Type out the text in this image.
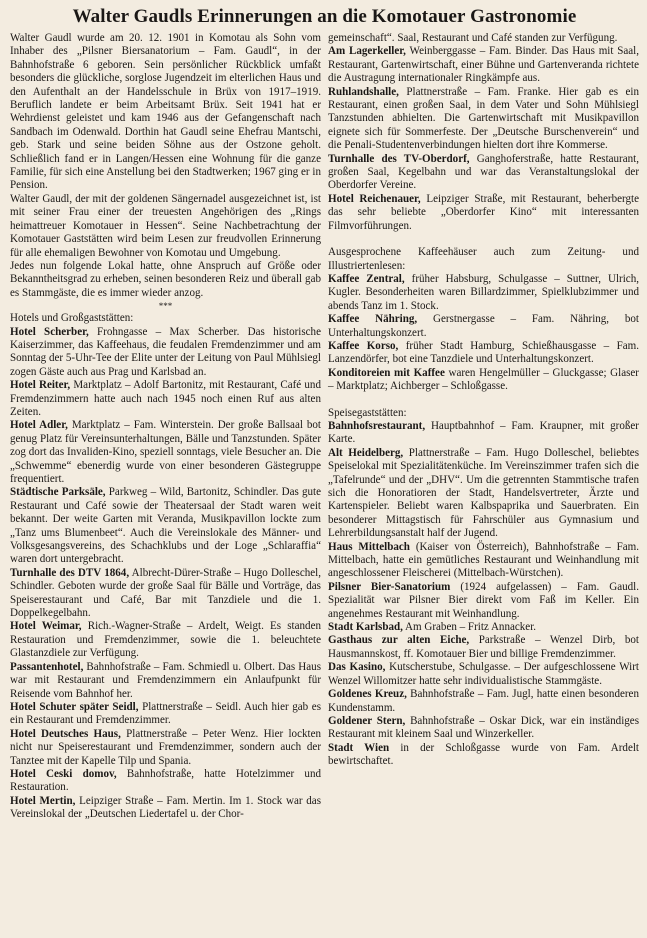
Walter Gaudls Erinnerungen an die Komotauer Gastronomie

Walter Gaudl wurde am 20. 12. 1901 in Komotau als Sohn vom Inhaber des „Pilsner Biersanatorium – Fam. Gaudl“, in der Bahnhofstraße 6 geboren. Sein persönlicher Rückblick umfaßt besonders die glückliche, sorglose Jugendzeit im elterlichen Haus und den Aufenthalt an der Handelsschule in Brüx von 1917–1919. Beruflich landete er beim Arbeitsamt Brüx. Seit 1941 hat er Wehrdienst geleistet und kam 1946 aus der Gefangenschaft nach Sandbach im Odenwald. Dorthin hat Gaudl seine Ehefrau Mantschi, geb. Stark und seine beiden Söhne aus der Ostzone geholt. Schließlich fand er in Langen/Hessen eine Wohnung für die ganze Familie, für sich eine Anstellung bei den Stadtwerken; 1967 ging er in Pension.

Walter Gaudl, der mit der goldenen Sängernadel ausgezeichnet ist, ist mit seiner Frau einer der treuesten Angehörigen des „Rings heimattreuer Komotauer in Hessen“. Seine Nachbetrachtung der Komotauer Gaststätten wird beim Lesen zur freudvollen Erinnerung für alle ehemaligen Bewohner von Komotau und Umgebung.

Jedes nun folgende Lokal hatte, ohne Anspruch auf Größe oder Bekanntheitsgrad zu erheben, seinen besonderen Reiz und überall gab es Stammgäste, die es immer wieder anzog.

***

Hotels und Großgaststätten:

Hotel Scherber, Frohngasse – Max Scherber. Das historische Kaiserzimmer, das Kaffeehaus, die feudalen Fremdenzimmer und am Sonntag der 5-Uhr-Tee der Elite unter der Leitung von Paul Mühlsiegl zogen Gäste auch aus Prag und Karlsbad an.

Hotel Reiter, Marktplatz – Adolf Bartonitz, mit Restaurant, Café und Fremdenzimmern hatte auch nach 1945 noch einen Ruf aus alten Zeiten.

Hotel Adler, Marktplatz – Fam. Winterstein. Der große Ballsaal bot genug Platz für Vereinsunterhaltungen, Bälle und Tanzstunden. Später zog dort das Invaliden-Kino, speziell sonntags, viele Besucher an. Die „Schwemme“ ebenerdig wurde von einer besonderen Gästegruppe frequentiert.

Städtische Parksäle, Parkweg – Wild, Bartonitz, Schindler. Das gute Restaurant und Café sowie der Theatersaal der Stadt waren weit bekannt. Der weite Garten mit Veranda, Musikpavillon lockte zum „Tanz ums Blumenbeet“. Auch die Vereinslokale des Männer- und Volksgesangsvereins, des Schachklubs und der Loge „Schlaraffia“ waren dort untergebracht.

Turnhalle des DTV 1864, Albrecht-Dürer-Straße – Hugo Dolleschel, Schindler. Geboten wurde der große Saal für Bälle und Vorträge, das Speiserestaurant und Café, Bar mit Tanzdiele und die 1. Doppelkegelbahn.

Hotel Weimar, Rich.-Wagner-Straße – Ardelt, Weigt. Es standen Restauration und Fremdenzimmer, sowie die 1. beleuchtete Glastanzdiele zur Verfügung.

Passantenhotel, Bahnhofstraße – Fam. Schmiedl u. Olbert. Das Haus war mit Restaurant und Fremdenzimmern ein Anlaufpunkt für Reisende vom Bahnhof her.

Hotel Schuter später Seidl, Plattnerstraße – Seidl. Auch hier gab es ein Restaurant und Fremdenzimmer.

Hotel Deutsches Haus, Plattnerstraße – Peter Wenz. Hier lockten nicht nur Speiserestaurant und Fremdenzimmer, sondern auch der Tanztee mit der Kapelle Tilp und Spania.

Hotel Ceski domov, Bahnhofstraße, hatte Hotelzimmer und Restauration.

Hotel Mertin, Leipziger Straße – Fam. Mertin. Im 1. Stock war das Vereinslokal der „Deutschen Liedertafel u. der Chor-

gemeinschaft“. Saal, Restaurant und Café standen zur Verfügung.

Am Lagerkeller, Weinberggasse – Fam. Binder. Das Haus mit Saal, Restaurant, Gartenwirtschaft, einer Bühne und Gartenveranda richtete die Austragung internationaler Ringkämpfe aus.

Ruhlandshalle, Plattnerstraße – Fam. Franke. Hier gab es ein Restaurant, einen großen Saal, in dem Vater und Sohn Mühlsiegl Tanzstunden abhielten. Die Gartenwirtschaft mit Musikpavillon eignete sich für Sommerfeste. Der „Deutsche Burschenverein“ und die Penali-Studentenverbindungen hielten dort ihre Kommerse.

Turnhalle des TV-Oberdorf, Ganghoferstraße, hatte Restaurant, großen Saal, Kegelbahn und war das Veranstaltungslokal der Oberdorfer Vereine.

Hotel Reichenauer, Leipziger Straße, mit Restaurant, beherbergte das sehr beliebte „Oberdorfer Kino“ mit interessanten Filmvorführungen.

Ausgesprochene Kaffeehäuser auch zum Zeitung- und Illustriertenlesen:

Kaffee Zentral, früher Habsburg, Schulgasse – Suttner, Ulrich, Kugler. Besonderheiten waren Billardzimmer, Spielklubzimmer und abends Tanz im 1. Stock.

Kaffee Nähring, Gerstnergasse – Fam. Nähring, bot Unterhaltungskonzert.

Kaffee Korso, früher Stadt Hamburg, Schießhausgasse – Fam. Lanzendörfer, bot eine Tanzdiele und Unterhaltungskonzert.

Konditoreien mit Kaffee waren Hengelmüller – Gluckgasse; Glaser – Marktplatz; Aichberger – Schloßgasse.

Speisegaststätten:

Bahnhofsrestaurant, Hauptbahnhof – Fam. Kraupner, mit großer Karte.

Alt Heidelberg, Plattnerstraße – Fam. Hugo Dolleschel, beliebtes Speiselokal mit Spezialitätenküche. Im Vereinszimmer trafen sich die „Tafelrunde“ und der „DHV“. Um die getrennten Stammtische trafen sich die Honoratioren der Stadt, Handelsvertreter, Ärzte und Kartenspieler. Beliebt waren Kalbspaprika und Sauerbraten. Ein besonderer Mittagstisch für Fahrschüler aus Gymnasium und Lehrerbildungsanstalt half der Jugend.

Haus Mittelbach (Kaiser von Österreich), Bahnhofstraße – Fam. Mittelbach, hatte ein gemütliches Restaurant und Weinhandlung mit angeschlossener Fleischerei (Mittelbach-Würstchen).

Pilsner Bier-Sanatorium (1924 aufgelassen) – Fam. Gaudl. Spezialität war Pilsner Bier direkt vom Faß im Keller. Ein angenehmes Restaurant mit Weinhandlung.

Stadt Karlsbad, Am Graben – Fritz Annacker.

Gasthaus zur alten Eiche, Parkstraße – Wenzel Dirb, bot Hausmannskost, ff. Komotauer Bier und billige Fremdenzimmer.

Das Kasino, Kutscherstube, Schulgasse. – Der aufgeschlossene Wirt Wenzel Willomitzer hatte sehr individualistische Stammgäste.

Goldenes Kreuz, Bahnhofstraße – Fam. Jugl, hatte einen besonderen Kundenstamm.

Goldener Stern, Bahnhofstraße – Oskar Dick, war ein inständiges Restaurant mit kleinem Saal und Winzerkeller.

Stadt Wien in der Schloßgasse wurde von Fam. Ardelt bewirtschaftet.
